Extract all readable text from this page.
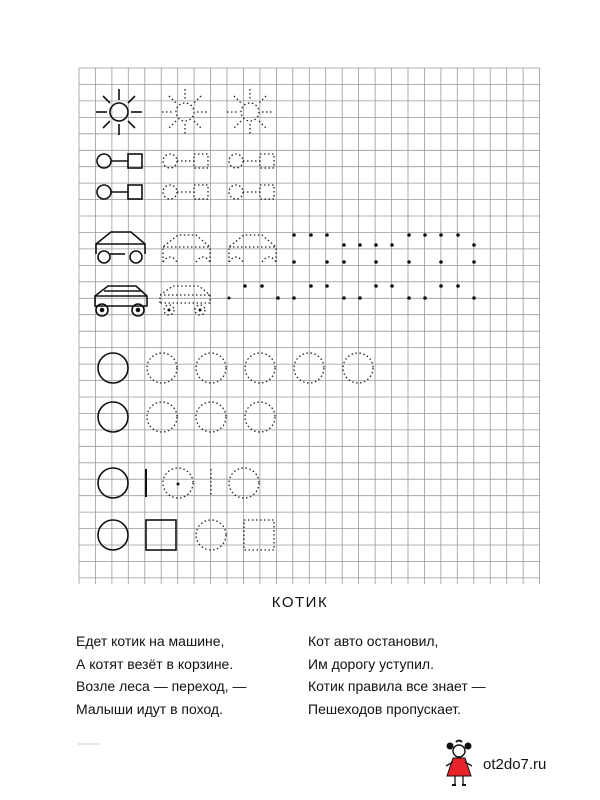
КОТИК
Едет котик на машине,
А котят везёт в корзине.
Возле леса — переход, —
Малыши идут в поход.
Кот авто остановил,
Им дорогу уступил.
Котик правила все знает —
Пешеходов пропускает.
ot2do7.ru
